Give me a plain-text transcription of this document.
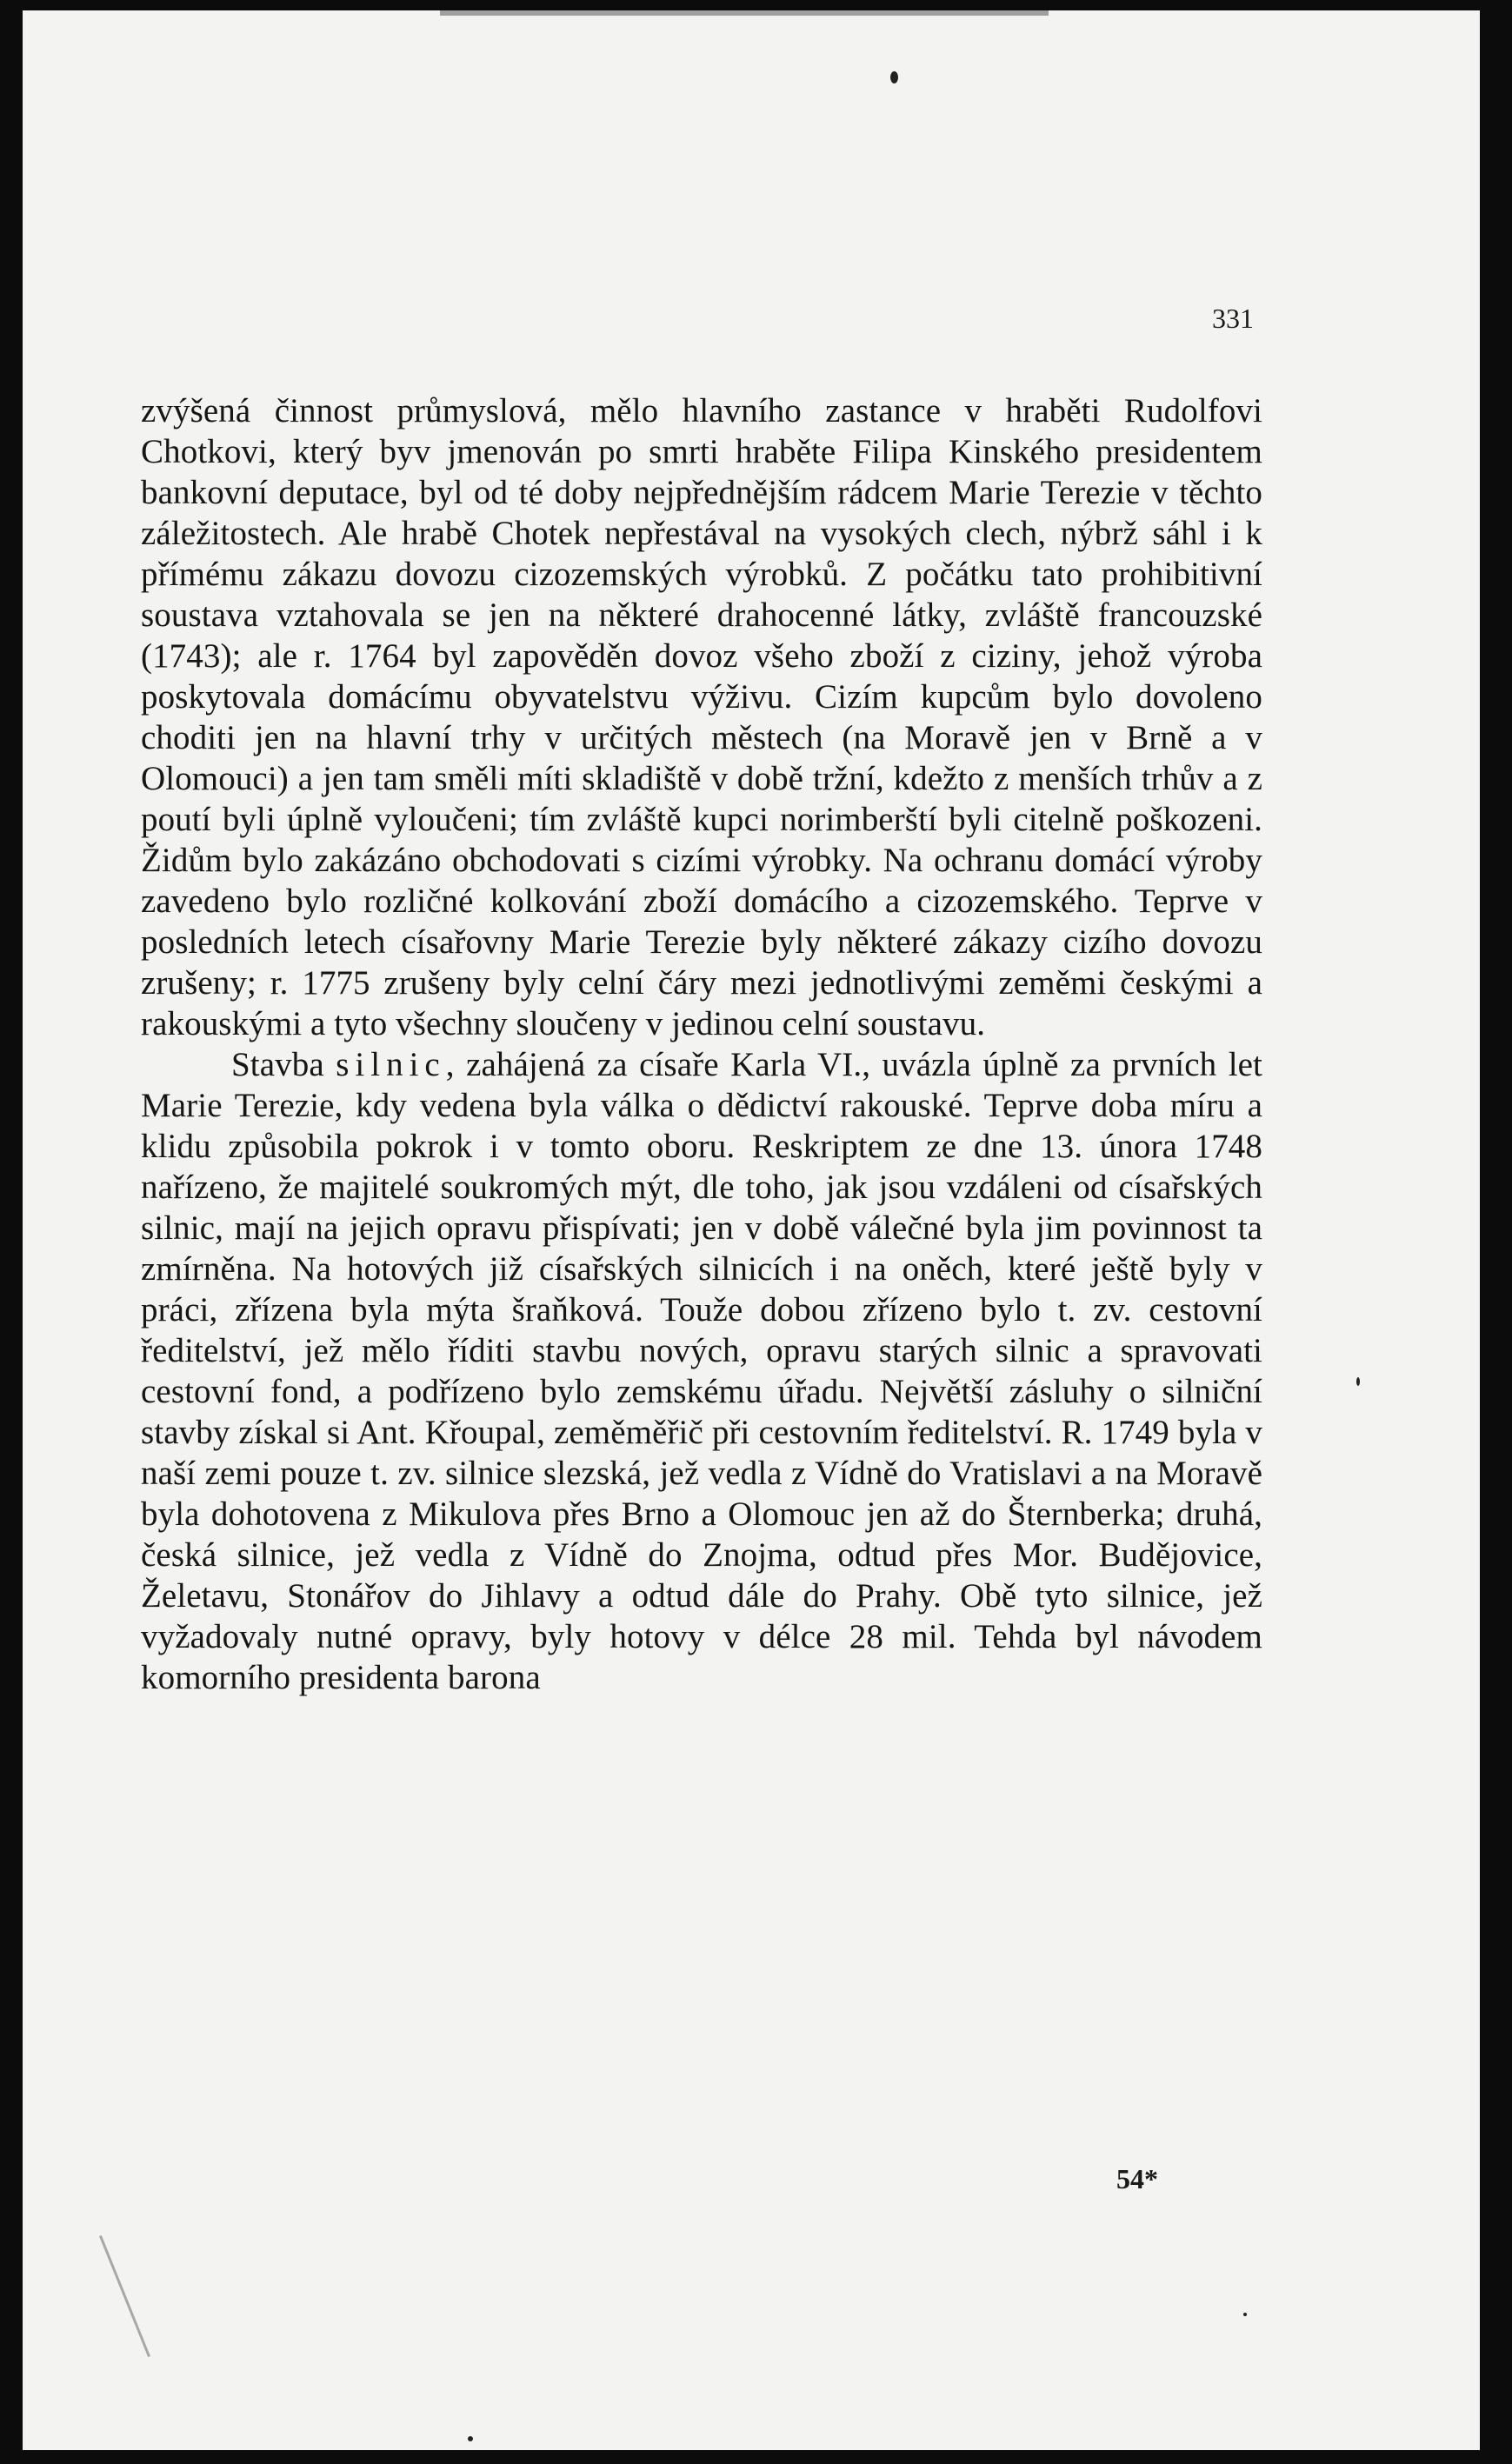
331

zvýšená činnost průmyslová, mělo hlavního zastance v hraběti Rudolfovi Chotkovi, který byv jmenován po smrti hraběte Filipa Kinského presidentem bankovní deputace, byl od té doby nejpřednějším rádcem Marie Terezie v těchto záležitostech. Ale hrabě Chotek nepřestával na vysokých clech, nýbrž sáhl i k přímému zákazu dovozu cizozemských výrobků. Z počátku tato prohibitivní soustava vztahovala se jen na některé drahocenné látky, zvláště francouzské (1743); ale r. 1764 byl zapověděn dovoz všeho zboží z ciziny, jehož výroba poskytovala domácímu obyvatelstvu výživu. Cizím kupcům bylo dovoleno choditi jen na hlavní trhy v určitých městech (na Moravě jen v Brně a v Olomouci) a jen tam směli míti skladiště v době tržní, kdežto z menších trhův a z poutí byli úplně vyloučeni; tím zvláště kupci norimberští byli citelně poškozeni. Židům bylo zakázáno obchodovati s cizími výrobky. Na ochranu domácí výroby zavedeno bylo rozličné kolkování zboží domácího a cizozemského. Teprve v posledních letech císařovny Marie Terezie byly některé zákazy cizího dovozu zrušeny; r. 1775 zrušeny byly celní čáry mezi jednotlivými zeměmi českými a rakouskými a tyto všechny sloučeny v jedinou celní soustavu.

Stavba silnic, zahájená za císaře Karla VI., uvázla úplně za prvních let Marie Terezie, kdy vedena byla válka o dědictví rakouské. Teprve doba míru a klidu způsobila pokrok i v tomto oboru. Reskriptem ze dne 13. února 1748 nařízeno, že majitelé soukromých mýt, dle toho, jak jsou vzdáleni od císařských silnic, mají na jejich opravu přispívati; jen v době válečné byla jim povinnost ta zmírněna. Na hotových již císařských silnicích i na oněch, které ještě byly v práci, zřízena byla mýta šraňková. Touže dobou zřízeno bylo t. zv. cestovní ředitelství, jež mělo říditi stavbu nových, opravu starých silnic a spravovati cestovní fond, a podřízeno bylo zemskému úřadu. Největší zásluhy o silniční stavby získal si Ant. Křoupal, zeměměřič při cestovním ředitelství. R. 1749 byla v naší zemi pouze t. zv. silnice slezská, jež vedla z Vídně do Vratislavi a na Moravě byla dohotovena z Mikulova přes Brno a Olomouc jen až do Šternberka; druhá, česká silnice, jež vedla z Vídně do Znojma, odtud přes Mor. Budějovice, Želetavu, Stonářov do Jihlavy a odtud dále do Prahy. Obě tyto silnice, jež vyžadovaly nutné opravy, byly hotovy v délce 28 mil. Tehda byl návodem komorního presidenta barona

54*
